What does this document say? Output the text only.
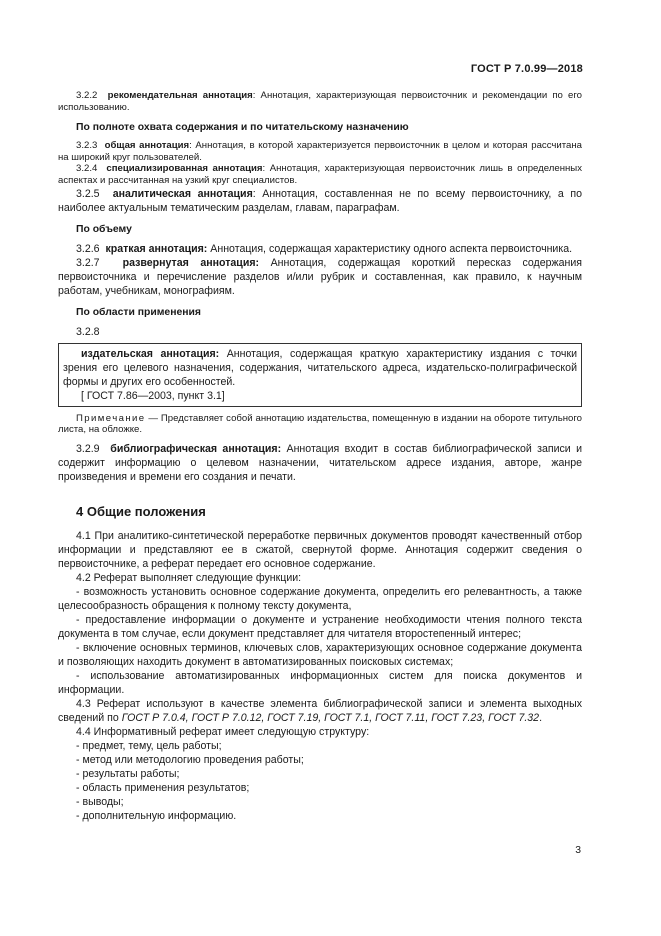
ГОСТ Р 7.0.99—2018

3.2.2 рекомендательная аннотация: Аннотация, характеризующая первоисточник и рекомендации по его использованию.

По полноте охвата содержания и по читательскому назначению

3.2.3 общая аннотация: Аннотация, в которой характеризуется первоисточник в целом и которая рассчитана на широкий круг пользователей.

3.2.4 специализированная аннотация: Аннотация, характеризующая первоисточник лишь в определенных аспектах и рассчитанная на узкий круг специалистов.

3.2.5 аналитическая аннотация: Аннотация, составленная не по всему первоисточнику, а по наиболее актуальным тематическим разделам, главам, параграфам.

По объему

3.2.6 краткая аннотация: Аннотация, содержащая характеристику одного аспекта первоисточника.

3.2.7 развернутая аннотация: Аннотация, содержащая короткий пересказ содержания первоисточника и перечисление разделов и/или рубрик и составленная, как правило, к научным работам, учебникам, монографиям.

По области применения

3.2.8

издательская аннотация: Аннотация, содержащая краткую характеристику издания с точки зрения его целевого назначения, содержания, читательского адреса, издательско-полиграфической формы и других его особенностей.

[ ГОСТ 7.86—2003, пункт 3.1]

Примечание — Представляет собой аннотацию издательства, помещенную в издании на обороте титульного листа, на обложке.

3.2.9 библиографическая аннотация: Аннотация входит в состав библиографической записи и содержит информацию о целевом назначении, читательском адресе издания, авторе, жанре произведения и времени его создания и печати.

4 Общие положения

4.1 При аналитико-синтетической переработке первичных документов проводят качественный отбор информации и представляют ее в сжатой, свернутой форме. Аннотация содержит сведения о первоисточнике, а реферат передает его основное содержание.

4.2 Реферат выполняет следующие функции:

- возможность установить основное содержание документа, определить его релевантность, а также целесообразность обращения к полному тексту документа,

- предоставление информации о документе и устранение необходимости чтения полного текста документа в том случае, если документ представляет для читателя второстепенный интерес;

- включение основных терминов, ключевых слов, характеризующих основное содержание документа и позволяющих находить документ в автоматизированных поисковых системах;

- использование автоматизированных информационных систем для поиска документов и информации.

4.3 Реферат используют в качестве элемента библиографической записи и элемента выходных сведений по ГОСТ Р 7.0.4, ГОСТ Р 7.0.12, ГОСТ 7.19, ГОСТ 7.1, ГОСТ 7.11, ГОСТ 7.23, ГОСТ 7.32.

4.4 Информативный реферат имеет следующую структуру:

- предмет, тему, цель работы;

- метод или методологию проведения работы;

- результаты работы;

- область применения результатов;

- выводы;

- дополнительную информацию.

3
